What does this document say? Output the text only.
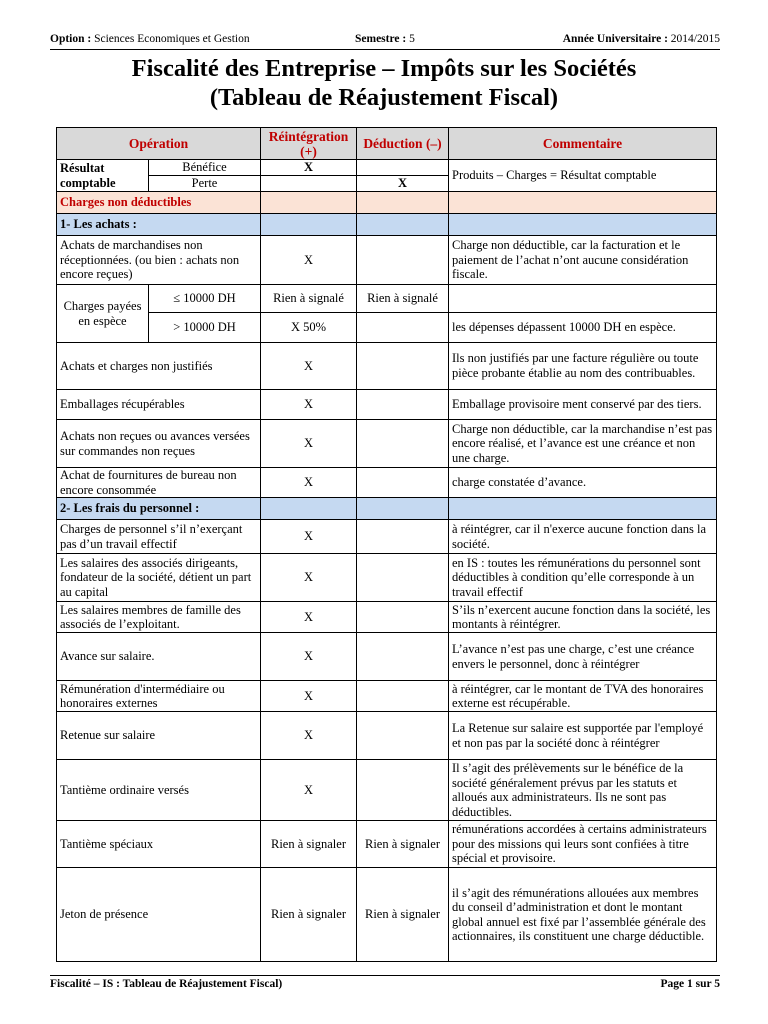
Option : Sciences Economiques et Gestion	Semestre : 5	Année Universitaire : 2014/2015
Fiscalité des Entreprise – Impôts sur les Sociétés
(Tableau de Réajustement Fiscal)
Opération		Réintégration (+)	Déduction (–)	Commentaire
Résultat comptable	Bénéfice	X		Produits – Charges = Résultat comptable
	Perte		X	
Charges non déductibles				
1- Les achats :				
Achats de marchandises non réceptionnées. (ou bien : achats non encore reçues)		X		Charge non déductible, car la facturation et le paiement de l’achat n’ont aucune considération fiscale.
Charges payées en espèce	≤ 10000 DH	Rien à signalé	Rien à signalé	
	> 10000 DH	X 50%		les dépenses dépassent 10000 DH en espèce.
Achats et charges non justifiés		X		Ils non justifiés par une facture régulière ou toute pièce probante établie au nom des contribuables.
Emballages récupérables		X		Emballage provisoire ment conservé par des tiers.
Achats non reçues ou avances versées sur commandes non reçues		X		Charge non déductible, car la marchandise n’est pas encore réalisé, et l’avance est une créance et non une charge.
Achat de fournitures de bureau non encore consommée		X		charge constatée d’avance.
2- Les frais du personnel :				
Charges de personnel s’il n’exerçant pas d’un travail effectif		X		à réintégrer, car il n'exerce aucune fonction dans la société.
Les salaires des associés dirigeants, fondateur de la société, détient un part au capital		X		en IS : toutes les rémunérations du personnel sont déductibles à condition qu’elle corresponde à un travail effectif
Les salaires membres de famille des associés de l’exploitant.		X		S’ils n’exercent aucune fonction dans la société, les montants à réintégrer.
Avance sur salaire.		X		L’avance n’est pas une charge, c’est une créance envers le personnel, donc à réintégrer
Rémunération d'intermédiaire ou honoraires externes		X		à réintégrer, car le montant de TVA des honoraires externe est récupérable.
Retenue sur salaire		X		La Retenue sur salaire est supportée par l'employé et non pas par la société donc à réintégrer
Tantième ordinaire versés		X		Il s’agit des prélèvements sur le bénéfice de la société généralement prévus par les statuts et alloués aux administrateurs. Ils ne sont pas déductibles.
Tantième spéciaux		Rien à signaler	Rien à signaler	rémunérations accordées à certains administrateurs pour des missions qui leurs sont confiées à titre spécial et provisoire.
Jeton de présence		Rien à signaler	Rien à signaler	il s’agit des rémunérations allouées aux membres du conseil d’administration et dont le montant global annuel est fixé par l’assemblée générale des actionnaires, ils constituent une charge déductible.
Fiscalité – IS : Tableau de Réajustement Fiscal)	Page 1 sur 5
